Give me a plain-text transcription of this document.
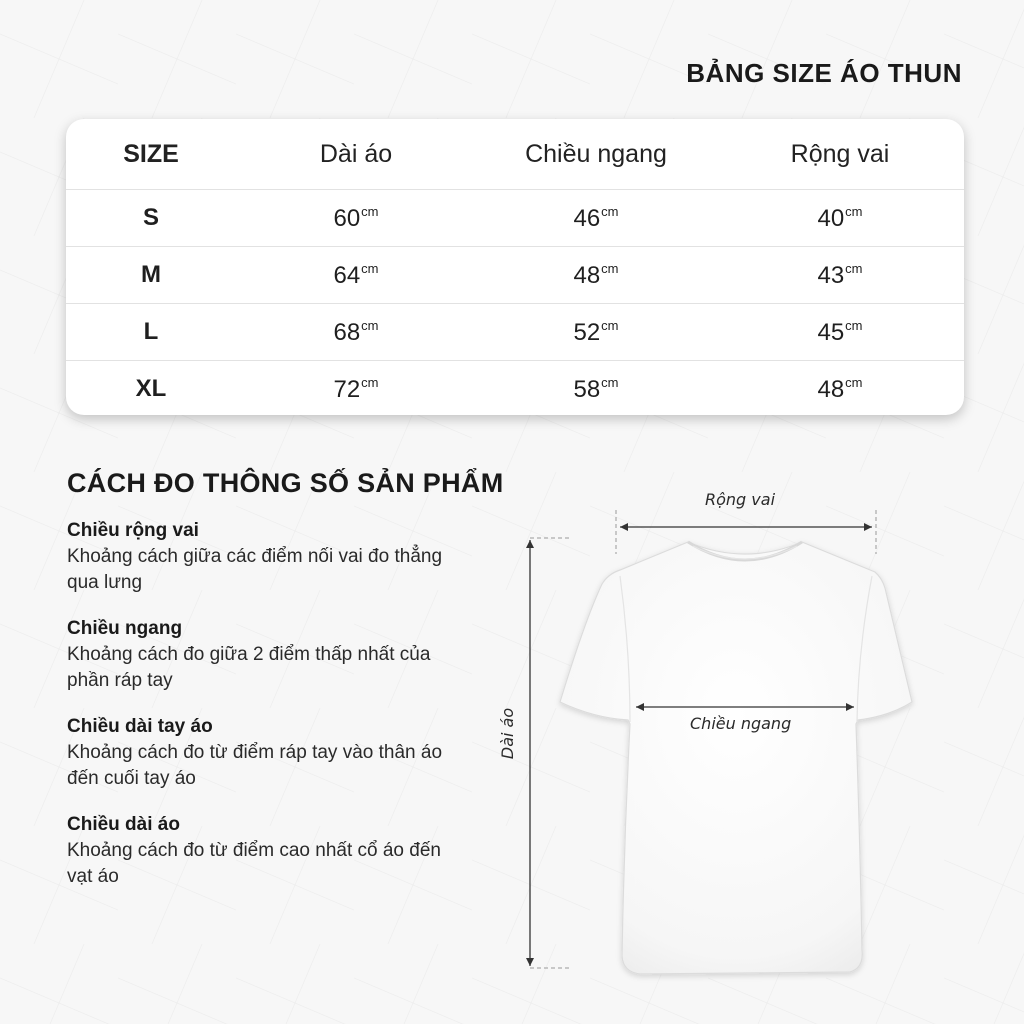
BẢNG SIZE ÁO THUN
SIZE	Dài áo	Chiều ngang	Rộng vai
S	$60^{cm}$	$46^{cm}$	$40^{cm}$
M	$64^{cm}$	$48^{cm}$	$43^{cm}$
L	$68^{cm}$	$52^{cm}$	$45^{cm}$
XL	$72^{cm}$	$58^{cm}$	$48^{cm}$
CÁCH ĐO THÔNG SỐ SẢN PHẨM
Chiều rộng vai

Khoảng cách giữa các điểm nối vai đo thẳng qua lưng

Chiều ngang

Khoảng cách đo giữa 2 điểm thấp nhất của phần ráp tay

Chiều dài tay áo

Khoảng cách đo từ điểm ráp tay vào thân áo đến cuối tay áo

Chiều dài áo

Khoảng cách đo từ điểm cao nhất cổ áo đến vạt áo

Rộng vai
Chiều ngang
Dài áo
